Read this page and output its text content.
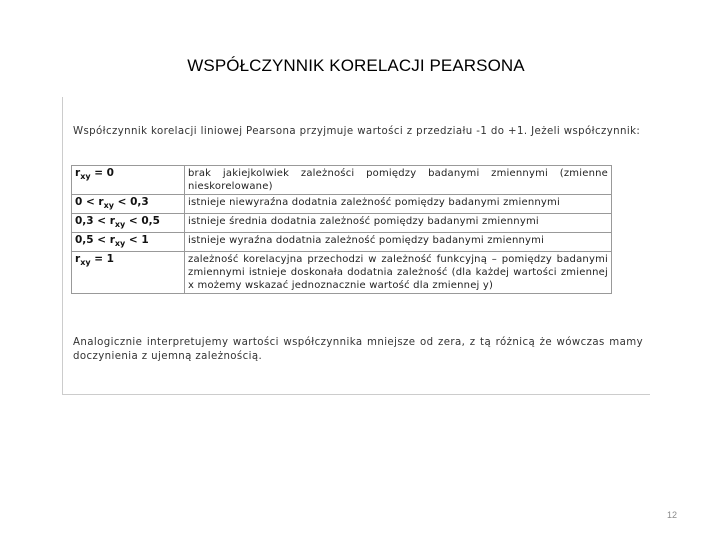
WSPÓŁCZYNNIK KORELACJI PEARSONA
Współczynnik korelacji liniowej Pearsona przyjmuje wartości z przedziału -1 do +1. Jeżeli współczynnik:
$r_{xy} = 0$	brak jakiejkolwiek zależności pomiędzy badanymi zmiennymi (zmienne nieskorelowane)
$0 < r_{xy} < 0,3$	istnieje niewyraźna dodatnia zależność pomiędzy badanymi zmiennymi
$0,3 < r_{xy} < 0,5$	istnieje średnia dodatnia zależność pomiędzy badanymi zmiennymi
$0,5 < r_{xy} < 1$	istnieje wyraźna dodatnia zależność pomiędzy badanymi zmiennymi
$r_{xy} = 1$	zależność korelacyjna przechodzi w zależność funkcyjną – pomiędzy badanymi zmiennymi istnieje doskonała dodatnia zależność (dla każdej wartości zmiennej x możemy wskazać jednoznacznie wartość dla zmiennej y)
Analogicznie interpretujemy wartości współczynnika mniejsze od zera, z tą różnicą że wówczas mamy doczynienia z ujemną zależnością.
12
